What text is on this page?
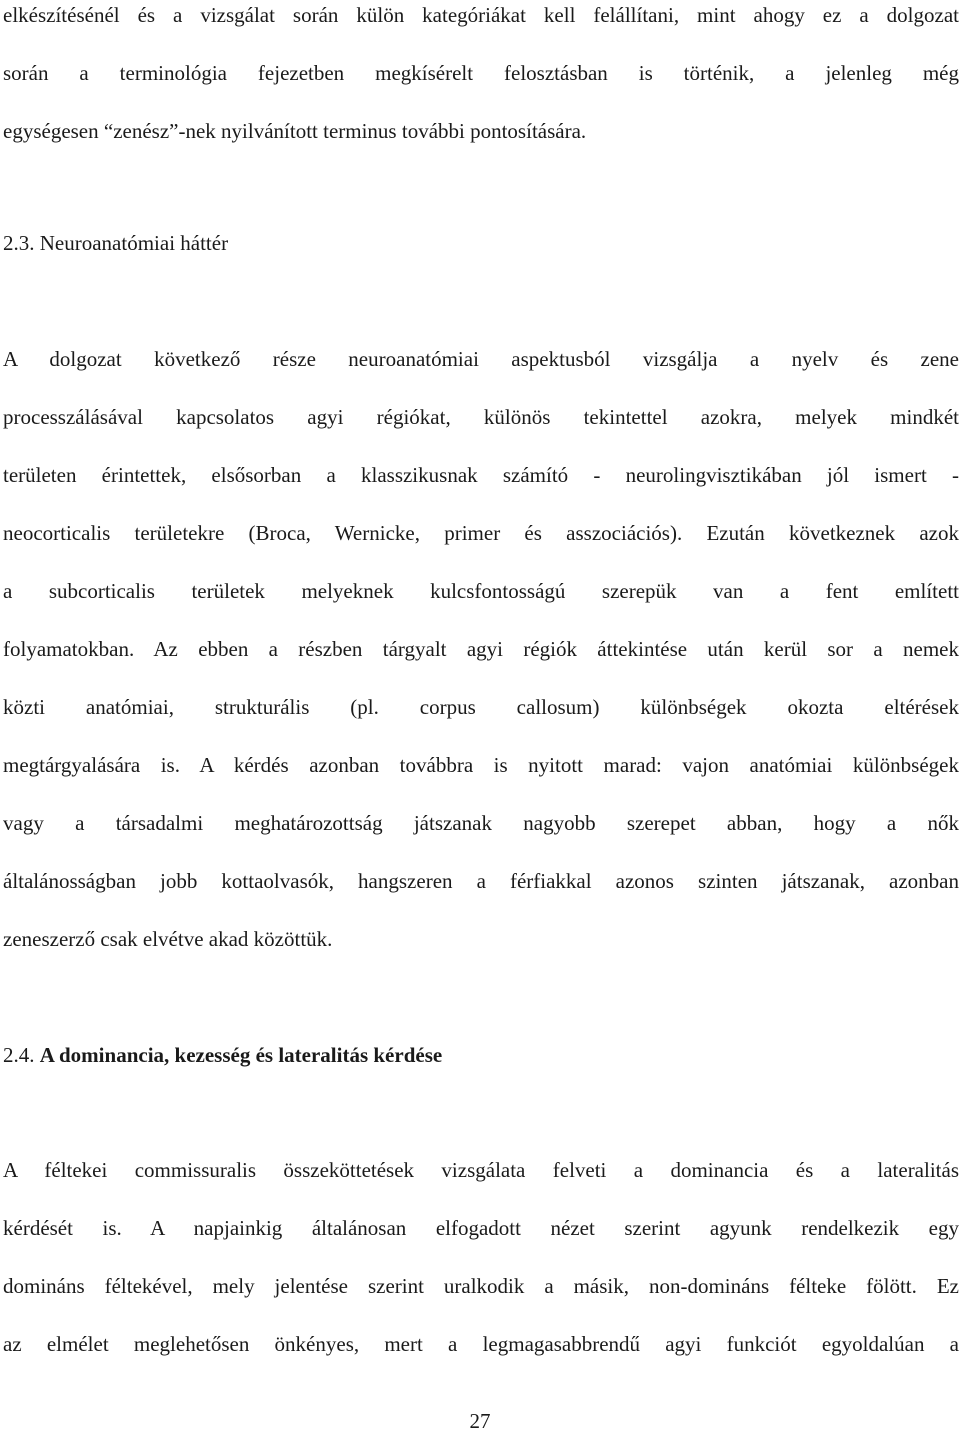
elkészítésénél és a vizsgálat során külön kategóriákat kell felállítani, mint ahogy ez a dolgozat
során a terminológia fejezetben megkísérelt felosztásban is történik, a jelenleg még
egységesen “zenész”-nek nyilvánított terminus további pontosítására.
2.3. Neuroanatómiai háttér
A dolgozat következő része neuroanatómiai aspektusból vizsgálja a nyelv és zene
processzálásával kapcsolatos agyi régiókat, különös tekintettel azokra, melyek mindkét
területen érintettek, elsősorban a klasszikusnak számító - neurolingvisztikában jól ismert -
neocorticalis területekre (Broca, Wernicke, primer és asszociációs). Ezután következnek azok
a subcorticalis területek melyeknek kulcsfontosságú szerepük van a fent említett
folyamatokban. Az ebben a részben tárgyalt agyi régiók áttekintése után kerül sor a nemek
közti anatómiai, strukturális (pl. corpus callosum) különbségek okozta eltérések
megtárgyalására is. A kérdés azonban továbbra is nyitott marad: vajon anatómiai különbségek
vagy a társadalmi meghatározottság játszanak nagyobb szerepet abban, hogy a nők
általánosságban jobb kottaolvasók, hangszeren a férfiakkal azonos szinten játszanak, azonban
zeneszerző csak elvétve akad közöttük.
2.4. A dominancia, kezesség és lateralitás kérdése
A féltekei commissuralis összeköttetések vizsgálata felveti a dominancia és a lateralitás
kérdését is. A napjainkig általánosan elfogadott nézet szerint agyunk rendelkezik egy
domináns féltekével, mely jelentése szerint uralkodik a másik, non-domináns félteke fölött. Ez
az elmélet meglehetősen önkényes, mert a legmagasabbrendű agyi funkciót egyoldalúan a
27
